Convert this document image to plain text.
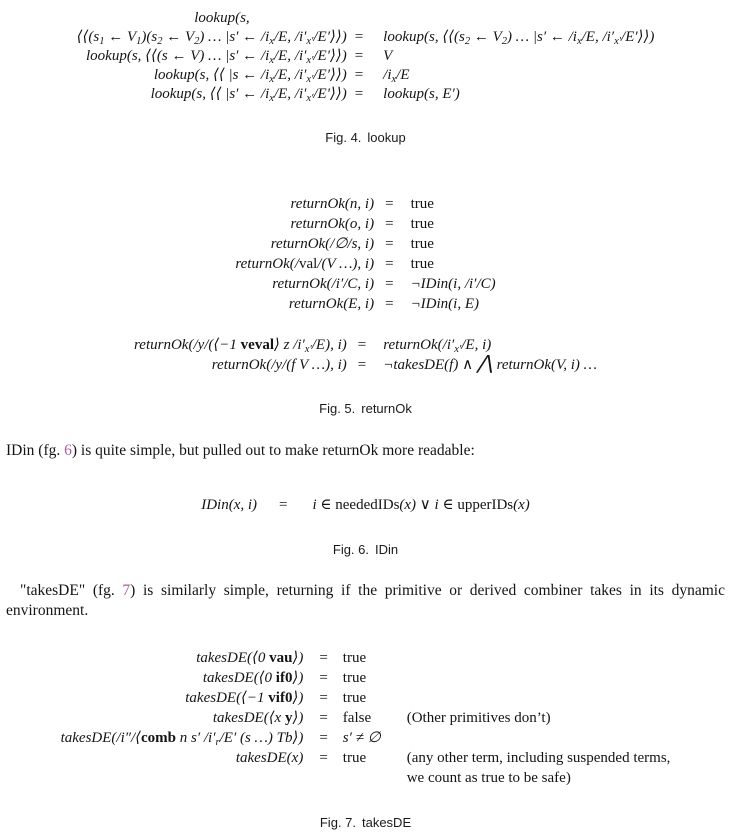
lookup(s,		
$⟨⟨(s_1$ ← $V_1)(s_2$ ← $V_2$) … |s′ ← $/i_x/E$, $/i'_{x'}/E'⟩⟩$)	=	lookup(s, $⟨⟨(s_2$ ← $V_2$) … |s′ ← $/i_x/E$, $/i'_{x'}/E'⟩⟩$)
lookup(s, ⟨⟨(s ← V) … |s′ ← $/i_x/E$, $/i'_{x'}/E'⟩⟩$)	=	V
lookup(s, ⟨⟨ |s ← $/i_x/E$, $/i'_{x'}/E'⟩⟩$)	=	$/i_x/E$
lookup(s, ⟨⟨ |s′ ← $/i_x/E$, $/i'_{x'}/E'⟩⟩$)	=	lookup(s, E′)
Fig. 4. lookup
returnOk(n, i)	=	true
returnOk(o, i)	=	true
returnOk(/∅/s, i)	=	true
returnOk(/val/(V …), i)	=	true
returnOk(/i′/C, i)	=	¬IDin(i, /i′/C)
returnOk(E, i)	=	¬IDin(i, E)
returnOk(/y/(⟨−1 veval⟩ z $/i'_{x'}/E$), i)	=	$returnOk(/i'_{x'}/E$, i)
returnOk(/y/(f V …), i)	=	¬takesDE(f) ∧ ⋀ returnOk(V, i) …
Fig. 5. returnOk

IDin (fg. 6) is quite simple, but pulled out to make returnOk more readable:

IDin(x, i)	=	i ∈ neededIDs(x) ∨ i ∈ upperIDs(x)
Fig. 6. IDin

"takesDE" (fg. 7) is similarly simple, returning if the primitive or derived combiner takes in its dynamic environment.

takesDE(⟨0 vau⟩)	=	true	
takesDE(⟨0 if0⟩)	=	true	
takesDE(⟨−1 vif0⟩)	=	true	
takesDE(⟨x y⟩)	=	false	(Other primitives don’t)
takesDE(/i″/⟨comb n s′ $/i'_r/E'$ (s …) Tb⟩)	=	s′ ≠ ∅	
takesDE(x)	=	true	(any other term, including suspended terms,
we count as true to be safe)
Fig. 7. takesDE
